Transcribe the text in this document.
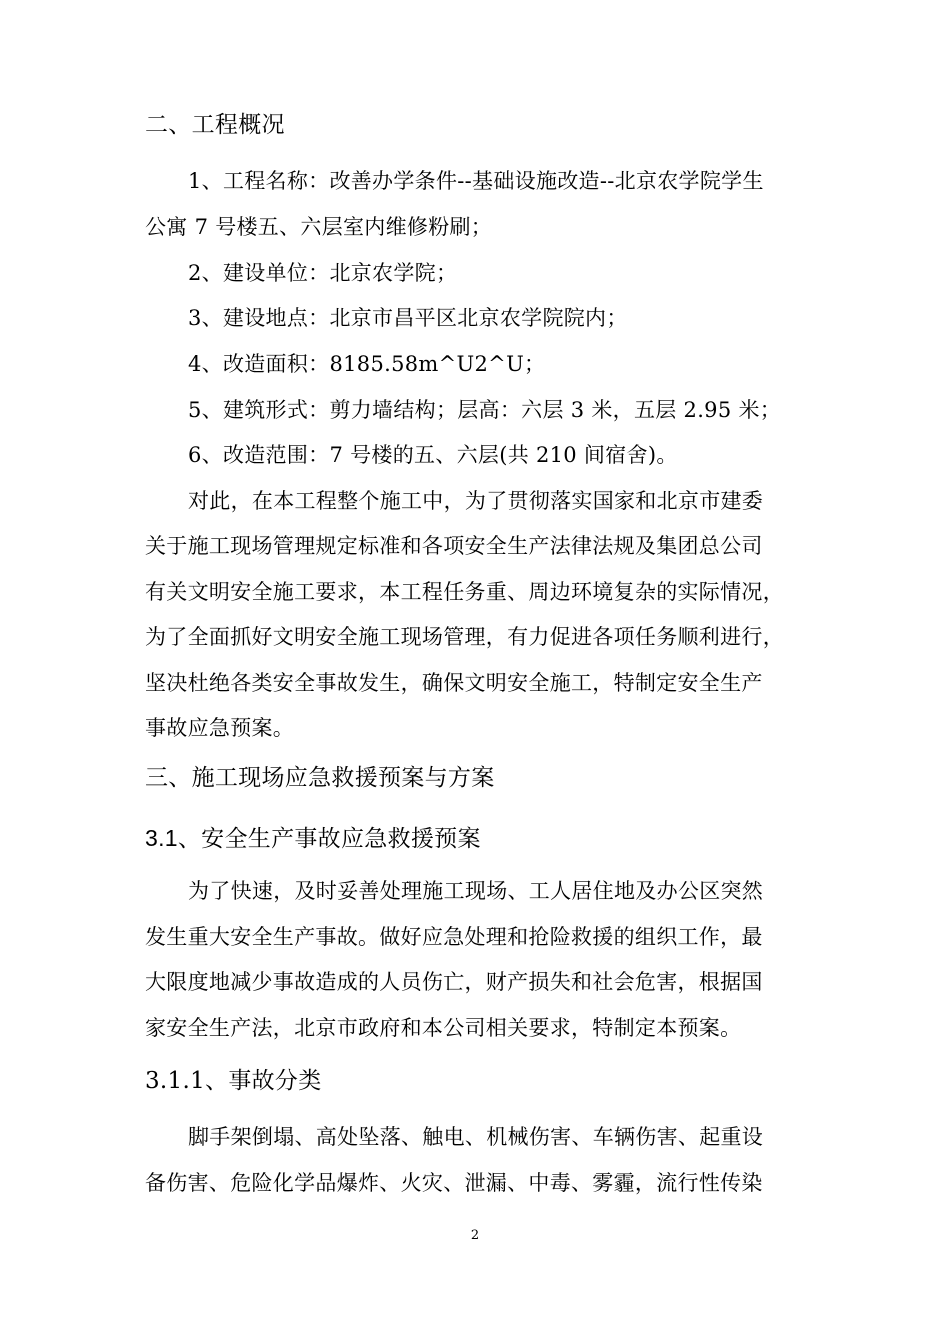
二、工程概况
1、工程名称：改善办学条件--基础设施改造--北京农学院学生
公寓 7 号楼五、六层室内维修粉刷；
2、建设单位：北京农学院；
3、建设地点：北京市昌平区北京农学院院内；
4、改造面积：8185.58m^U2^U；
5、建筑形式：剪力墙结构；层高：六层 3 米，五层 2.95 米；
6、改造范围：7 号楼的五、六层(共 210 间宿舍)。
对此，在本工程整个施工中，为了贯彻落实国家和北京市建委
关于施工现场管理规定标准和各项安全生产法律法规及集团总公司
有关文明安全施工要求，本工程任务重、周边环境复杂的实际情况，
为了全面抓好文明安全施工现场管理，有力促进各项任务顺利进行，
坚决杜绝各类安全事故发生，确保文明安全施工，特制定安全生产
事故应急预案。
三、施工现场应急救援预案与方案
3.1、安全生产事故应急救援预案
为了快速，及时妥善处理施工现场、工人居住地及办公区突然
发生重大安全生产事故。做好应急处理和抢险救援的组织工作，最
大限度地减少事故造成的人员伤亡，财产损失和社会危害，根据国
家安全生产法，北京市政府和本公司相关要求，特制定本预案。
3.1.1、事故分类
脚手架倒塌、高处坠落、触电、机械伤害、车辆伤害、起重设
备伤害、危险化学品爆炸、火灾、泄漏、中毒、雾霾，流行性传染
2
